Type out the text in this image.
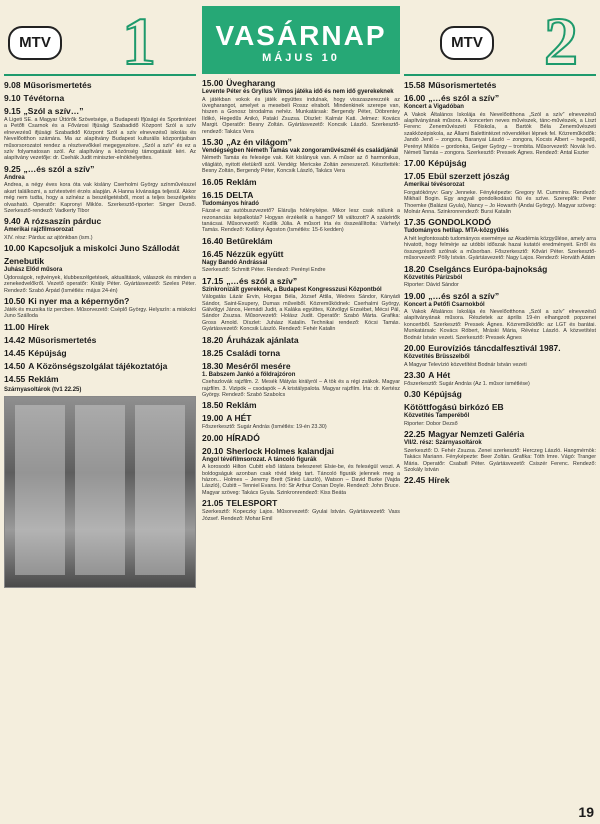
MTV 1
9.08 Műsorismertetés
9.10 Tévétorna
9.15 „Szól a szív…”
A Ligeti SE. a Magyar Úttörők Szövetsége, a Budapesti Ifjúsági és Sportintézet a Petőfi Csarnok és a Fővárosi Ifjúsági Szabadidő Központ Szól a szív elnevezésű ifjúsági Szabadidő Központ Szól a szív elnevezésű iskolás és Nevelőotthon számára. Ma az alapítvány Budapest kulturális központjaiban műsorsorozatot rendez a résztvevőkkel megegyezésre. „Szól a szív” és ez a szív folyamatosan szól. Az alapítvány a közönség támogatását kéri. Az alapítvány vezetője: dr. Csehák Judit miniszter-elnökhelyettes.
9.25 „…és szól a szív”
Andrea
Andrea, a négy éves kora óta vak kislány Cserholmi György színművésszel akart találkozni, a szívtestvéri érzés alapján. A Hanna kívánsága teljesül. Akkor még nem tudta, hogy a színész a beszélgetésből, most a teljes beszélgetés olvasható. Operatőr: Kapronyi Miklós. Szerkesztő-riporter: Singer Dezső. Szerkesztő-rendező: Vadkerty Tibor
9.40 A rózsaszín párduc
Amerikai rajzfilmsorozat
XIV. rész: Párduc az ajtónkban (ism.)
10.00 Kapcsoljuk a miskolci Juno Szállodát
Zenebutik
Juhász Előd műsora
Újdonságok, rejtvények, klubbeszélgetések, aktualitások, válaszok és minden a zenekedvelőkről. Vezető operatőr: Király Péter. Gyártásvezető: Szeles Péter. Rendező: Szabó Árpád (Ismétlés: május 24-én)
10.50 Ki nyer ma a képernyőn?
Játék és muzsika tíz percben. Műsorvezető: Cséplő György. Helyszín: a miskolci Juno Szálloda
11.00 Hírek
14.42 Műsorismertetés
14.45 Képújság
14.50 A Közönségszolgálat tájékoztatója
14.55 Reklám
Szárnyasoltárok (tv1 22.25)
VASÁRNAP
MÁJUS 10
15.00 Üvegharang
Levente Péter és Gryllus Vilmos játéka idő és nem idő gyerekeknek
A játékban vokok és játék együttes indulnak, hogy visszaszerezzék az üvegharangot, amelyet a mesebeli Rossz elrabolt. Mindenkinek szerepe van, hiszen a Gonosz birodalma nehéz. Munkatársak: Bergendy Péter, Döbrentey Ildikó, Hegedűs Anikó, Patakí Zsuzsa. Díszlet: Kalmár Kati. Jelmez: Kovács Margit. Operatőr: Besny Zoltán. Gyártásvezető: Koncsik László. Szerkesztő-rendező: Takács Vera
15.30 „Az én világom”
Vendégségben Németh Tamás vak zongoraművésznél és családjánál
Németh Tamás és felesége vak. Két kislányuk van. A műsor az ő harmonikus, világlátó, nyitott életükről szól. Vendég: Mericske Zoltán zeneszerző. Készítették: Besny Zoltán, Bergendy Péter, Koncsik László, Takács Vera
16.05 Reklám
16.15 DELTA
Tudományos híradó
Fázat-e az autóbuszvezető? Elárulja hólényképe. Mikor lesz csak nálunk a rezonanciás képalkotás? Hogyan érzékelik a hangot? Mi változott? A szakértők tanácsai. Műsorvezető: Kudlik Júlia. A műsort írta és összeállította: Várhelyi Tamás. Rendező: Kollányi Ágoston (Ismétlés: 15-6 kedden)
16.40 Betűreklám
16.45 Nézzük együtt
Nagy Bandó Andrással
Szerkesztő: Schmitt Péter. Rendező: Perényi Endre
17.15 „…és szól a szív”
Szinkronizált gyereknek, a Budapest Kongresszusi Központból
Válogatás Lázár Ervin, Horgas Béla, József Attila, Weöres Sándor, Kányádi Sándor, Saint-Exupery, Dumas műveiből. Közreműködnek: Cserhalmi György, Gálvölgyi János, Hernádi Judit, a Kaláka együttes, Kútvölgyi Erzsébet, Mécsi Pál, Sándor Zsuzsa. Műsorvezető: Holász Judit. Operatőr: Szabó Márta. Grafika: Gross Arnold. Díszlet: Juhász Katalin. Technikai rendező: Kócsi Tamás. Gyártásvezető: Koncsik László. Rendező: Fehér Katalin
18.20 Áruházak ajánlata
18.25 Családi torna
18.30 Meséről mesére
1. Babszem Jankó a földrajzóron
Csehszlovák rajzfilm. 2. Mesék Mátyás királyról – A tök és a régi zsákok. Magyar rajzfilm. 3. Vizipók – csodapók – A kristálypalota. Magyar rajzfilm. Írta: dr. Kertész György. Rendező: Szabó Szabolcs
18.50 Reklám
19.00 A HÉT
Főszerkesztő: Sugár András (Ismétlés: 19-én 23.30)
20.00 HÍRADÓ
20.10 Sherlock Holmes kalandjai
Angol tévéfilmsorozat. A táncoló figurák
A korosodó Hilton Cubitt első látásra beleszeret Elsie-be, és feleségül veszi. A boldogságuk azonban csak rövid ideig tart. Táncoló figurák jelennek meg a házon... Holmes – Jeremy Brett (Sinkó László), Watson – David Burke (Vajda László), Cubitt – Tenniel Evans. Író: Sir Arthur Conan Doyle. Rendező: John Bruce. Magyar szöveg: Takács Gyula. Szinkronrendező: Kiss Beáta
21.05 TELESPORT
Szerkesztő: Kopeczky Lajos. Műsorvezető: Gyulai István. Gyártásvezető: Vass József. Rendező: Mohar Emil
MTV 2
15.58 Műsorismertetés
16.00 „…és szól a szív”
Koncert a Vigadóban
A Vakok Általános Iskolája és Nevelőotthona „Szól a szív” elnevezésű alapítványának műsora. A koncerten neves művészek, tánc-művészek, a Liszt Ferenc Zeneművészeti Főiskola, a Bartók Béla Zeneművészeti szakközépiskola, az Állami Balettintézet növendékei lépnek fel. Közreműködők: Jandó Jenő – zongora, Baranyai László – zongora, Kocsis Albert – hegedű, Perényi Miklós – gordonka, Geiger György – trombita. Műsorvezető: Novák Ivó. Németi Tamás – zongora. Szerkesztő: Pressek Ágnes. Rendező: Antal Eszter
17.00 Képújság
17.05 Ebül szerzett jószág
Amerikai tévésorozat
Forgatókönyv: Gary Jenneke. Fényképezte: Gregory M. Cummins. Rendező: Mikhail Bogin. Egy angyali gondolkodású fiú és szíve. Szereplők: Peter Thoemke (Balázsi Gyula), Nancy – Jo Howarth (Andai György). Magyar szöveg: Molnár Anna. Szinkronrendező: Bursi Katalin
17.35 GONDOLKODÓ
Tudományos hetilap. MTA-közgyűlés
A hét legfontosabb tudományos eseménye az Akadémia közgyűlése, amely arra hivatott, hogy felmérje az utóbbi időszak hazai kutatói eredményeit. Erről és összegzésről szólnak a műsorban. Főszerkesztő: Kővári Péter. Szerkesztő-műsorvezető: Pölly István. Gyártásvezető: Nagy Lajos. Rendező: Horváth Ádám
18.20 Cselgáncs Európa-bajnokság
Közvetítés Párizsból
Riporter: Dávid Sándor
19.00 „…és szól a szív”
Koncert a Petőfi Csarnokból
A Vakok Általános Iskolája és Nevelőotthona „Szól a szív” elnevezésű alapítványának műsora. Részletek az április 19-én elhangzott popzenei koncertből. Szerkesztő: Pressek Ágnes. Közreműködők: az LGT és barátai. Munkatársak: Kovács Róbert, Mráski Mária, Révész László. A közvetítést Bodnár István vezeti. Szerkesztő: Pressek Ágnes
20.00 Eurovíziós táncdalfesztivál 1987.
Közvetítés Brüsszelből
A Magyar Televízió közvetítést Bodnár István vezeti
23.30 A Hét
Főszerkesztő: Sugár András (Az 1. műsor ismétlése)
0.30 Képújság
Kötöttfogású birkózó EB
Közvetítés Tamperéből
Riporter: Dobor Dezső
22.25 Magyar Nemzeti Galéria
VII/2. rész: Szárnyasoltárok
Szerkesztő: D. Fehér Zsuzsa. Zenei szerkesztő: Herczeg László. Hangmérnök: Takács Mariann. Fényképezte: Beer Zoltán. Grafika: Tóth Imre. Vágó: Tranger Mária. Operatőr: Csabafi Péter. Gyártásvezető: Csiszér Ferenc. Rendező: Szokály István
22.45 Hírek
19
